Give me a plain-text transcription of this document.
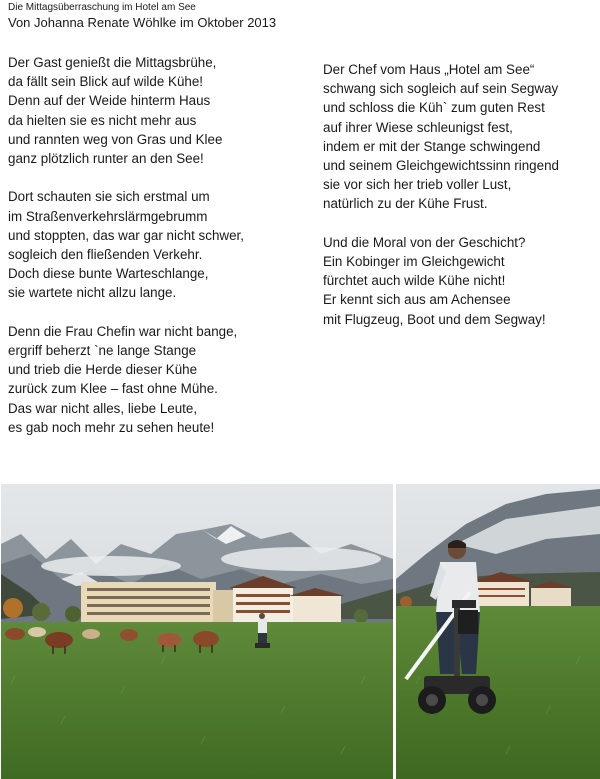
Die Mittagsüberraschung im Hotel am See
Von Johanna Renate Wöhlke im Oktober 2013
Der Gast genießt die Mittagsbrühe,
da fällt sein Blick auf wilde Kühe!
Denn auf der Weide hinterm Haus
da hielten sie es nicht mehr aus
und rannten weg von Gras und Klee
ganz plötzlich runter an den See!
Dort schauten sie sich erstmal um
im Straßenverkehrslärmgebrumm
und stoppten, das war gar nicht schwer,
sogleich den fließenden Verkehr.
Doch diese bunte Warteschlange,
sie wartete nicht allzu lange.
Denn die Frau Chefin war nicht bange,
ergriff beherzt `ne lange Stange
und trieb die Herde dieser Kühe
zurück zum Klee – fast ohne Mühe.
Das war nicht alles, liebe Leute,
es gab noch mehr zu sehen heute!
Der Chef vom Haus „Hotel am See“
schwang sich sogleich auf sein Segway
und schloss die Küh` zum guten Rest
auf ihrer Wiese schleunigst fest,
indem er mit der Stange schwingend
und seinem Gleichgewichtssinn ringend
sie vor sich her trieb voller Lust,
natürlich zu der Kühe Frust.
Und die Moral von der Geschicht?
Ein Kobinger im Gleichgewicht
fürchtet auch wilde Kühe nicht!
Er kennt sich aus am Achensee
mit Flugzeug, Boot und dem Segway!
